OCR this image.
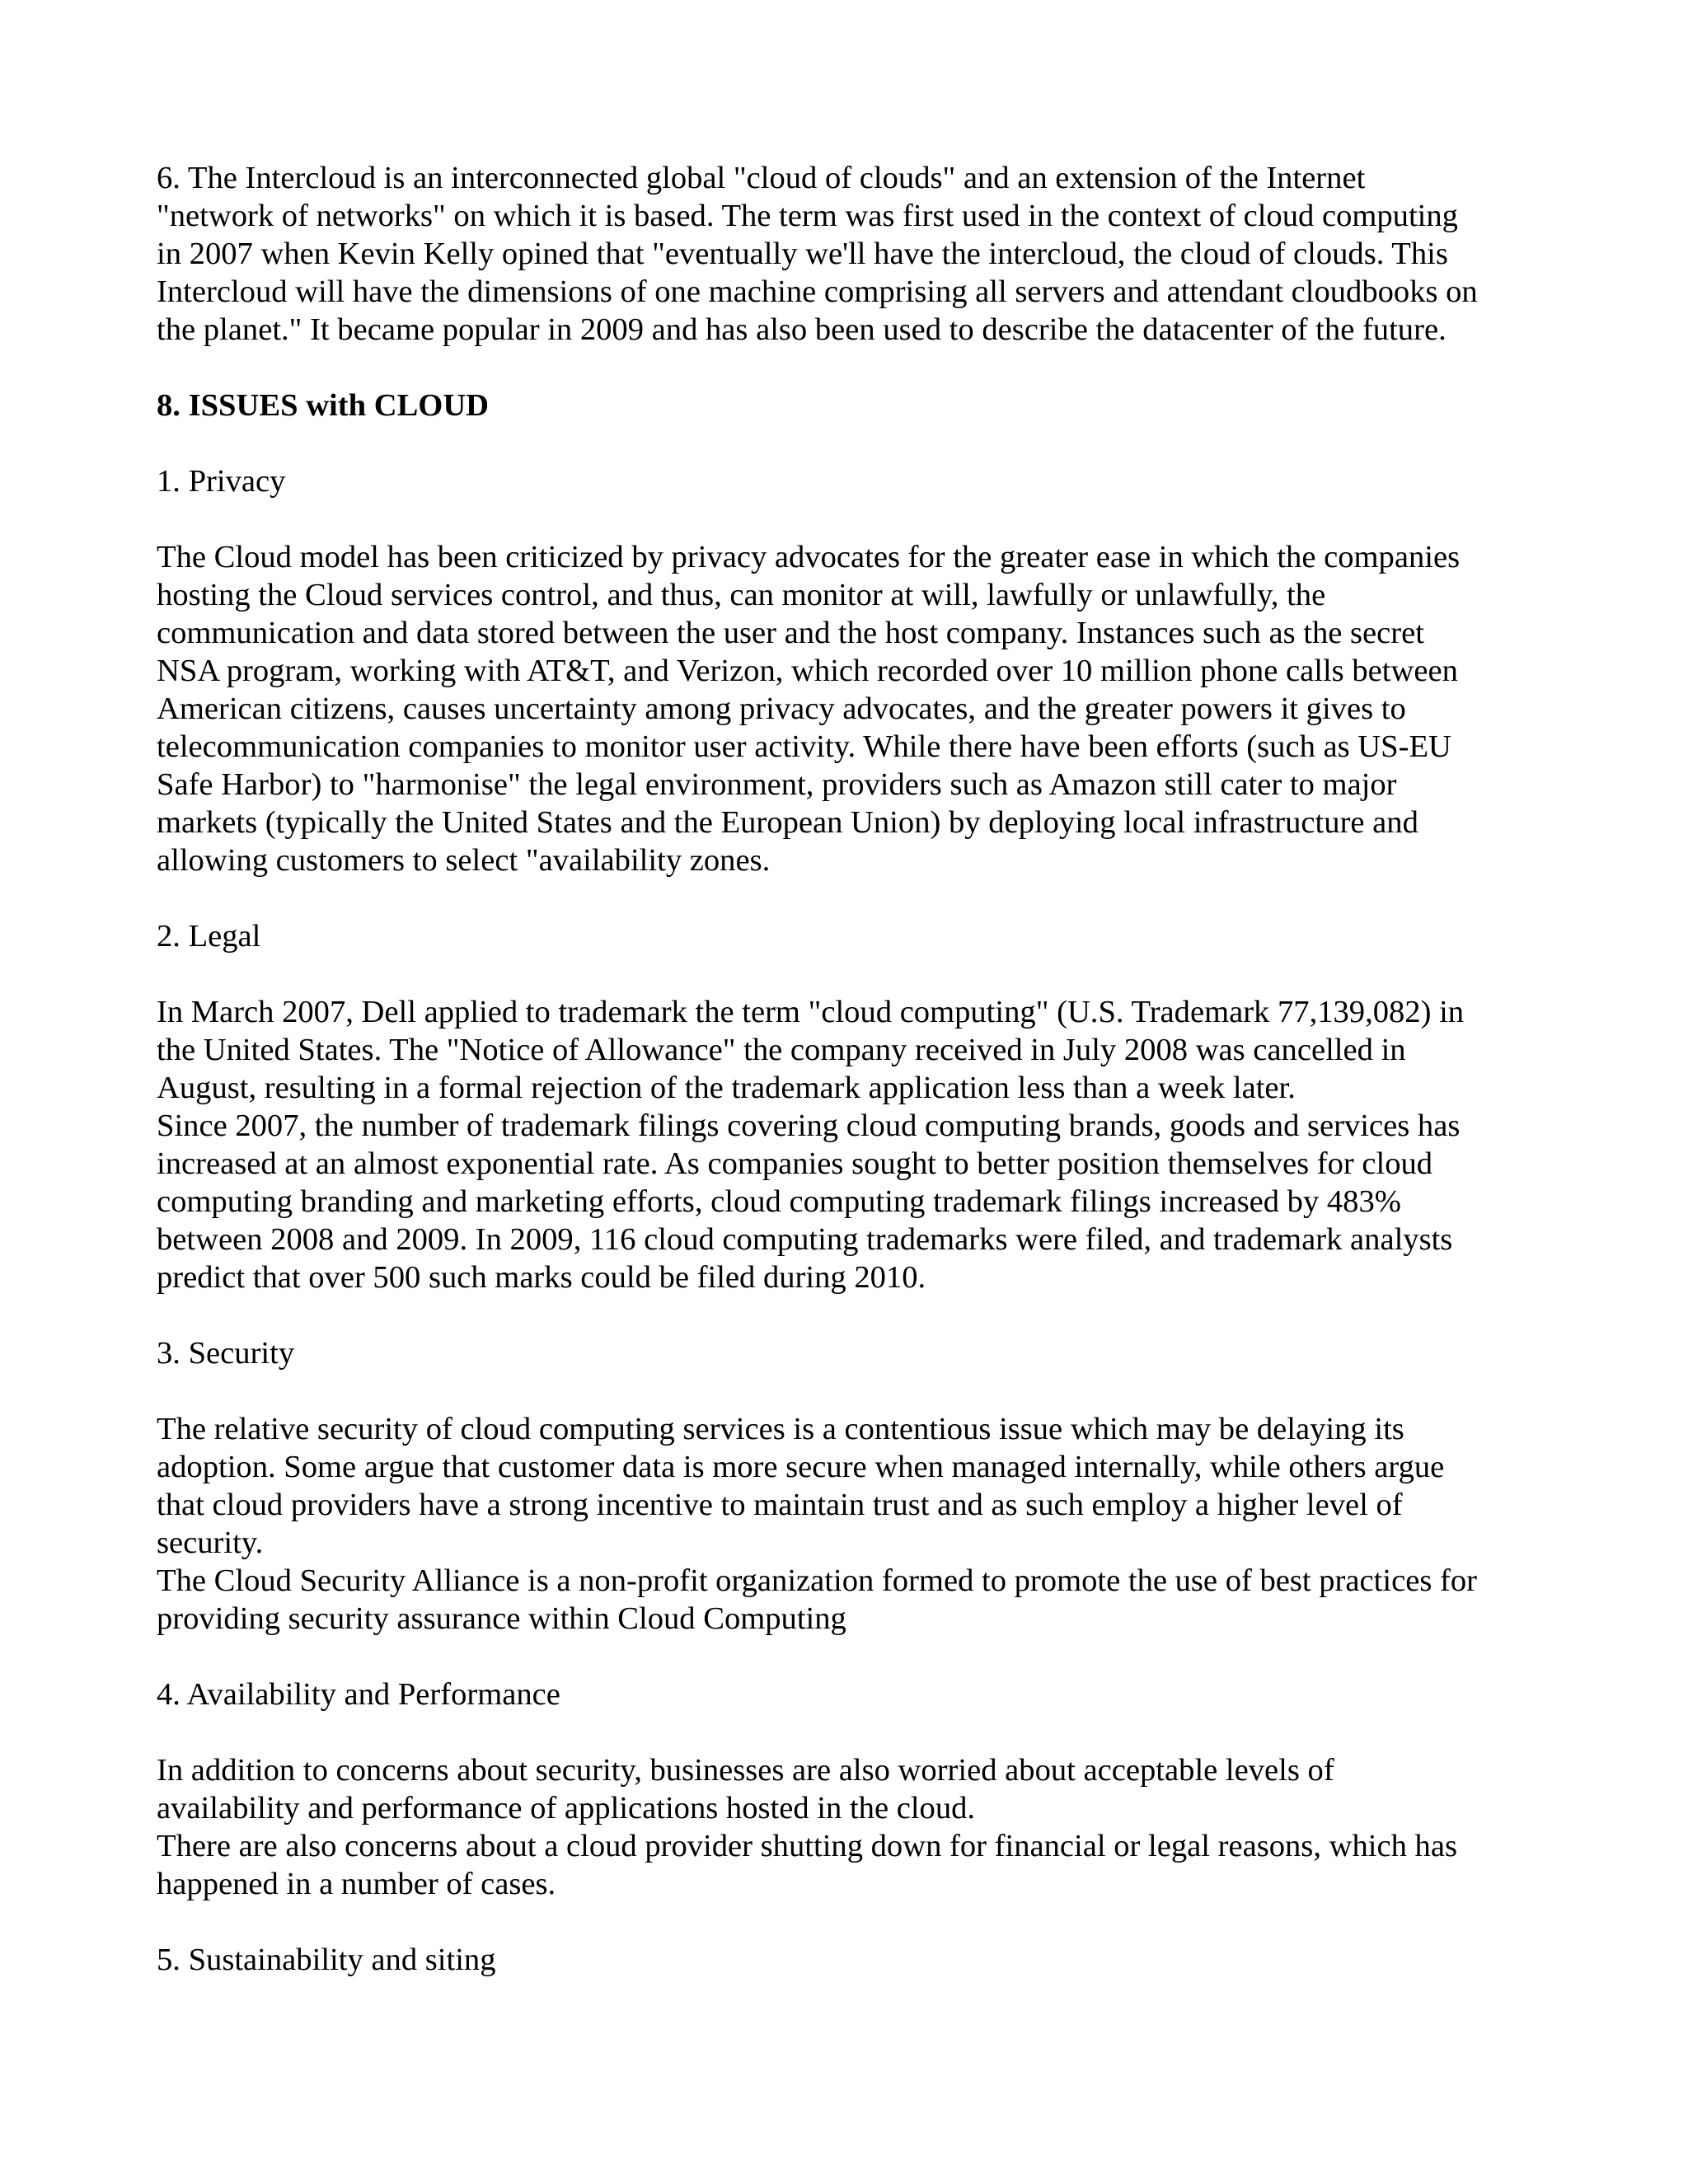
6. The Intercloud is an interconnected global "cloud of clouds" and an extension of the Internet
"network of networks" on which it is based. The term was first used in the context of cloud computing
in 2007 when Kevin Kelly opined that "eventually we'll have the intercloud, the cloud of clouds. This
Intercloud will have the dimensions of one machine comprising all servers and attendant cloudbooks on
the planet." It became popular in 2009 and has also been used to describe the datacenter of the future.
8. ISSUES with CLOUD
1. Privacy
The Cloud model has been criticized by privacy advocates for the greater ease in which the companies
hosting the Cloud services control, and thus, can monitor at will, lawfully or unlawfully, the
communication and data stored between the user and the host company. Instances such as the secret
NSA program, working with AT&T, and Verizon, which recorded over 10 million phone calls between
American citizens, causes uncertainty among privacy advocates, and the greater powers it gives to
telecommunication companies to monitor user activity. While there have been efforts (such as US-EU
Safe Harbor) to "harmonise" the legal environment, providers such as Amazon still cater to major
markets (typically the United States and the European Union) by deploying local infrastructure and
allowing customers to select "availability zones.
2. Legal
In March 2007, Dell applied to trademark the term "cloud computing" (U.S. Trademark 77,139,082) in
the United States. The "Notice of Allowance" the company received in July 2008 was cancelled in
August, resulting in a formal rejection of the trademark application less than a week later.
Since 2007, the number of trademark filings covering cloud computing brands, goods and services has
increased at an almost exponential rate. As companies sought to better position themselves for cloud
computing branding and marketing efforts, cloud computing trademark filings increased by 483%
between 2008 and 2009. In 2009, 116 cloud computing trademarks were filed, and trademark analysts
predict that over 500 such marks could be filed during 2010.
3. Security
The relative security of cloud computing services is a contentious issue which may be delaying its
adoption. Some argue that customer data is more secure when managed internally, while others argue
that cloud providers have a strong incentive to maintain trust and as such employ a higher level of
security.
The Cloud Security Alliance is a non-profit organization formed to promote the use of best practices for
providing security assurance within Cloud Computing
4. Availability and Performance
In addition to concerns about security, businesses are also worried about acceptable levels of
availability and performance of applications hosted in the cloud.
There are also concerns about a cloud provider shutting down for financial or legal reasons, which has
happened in a number of cases.
5. Sustainability and siting
